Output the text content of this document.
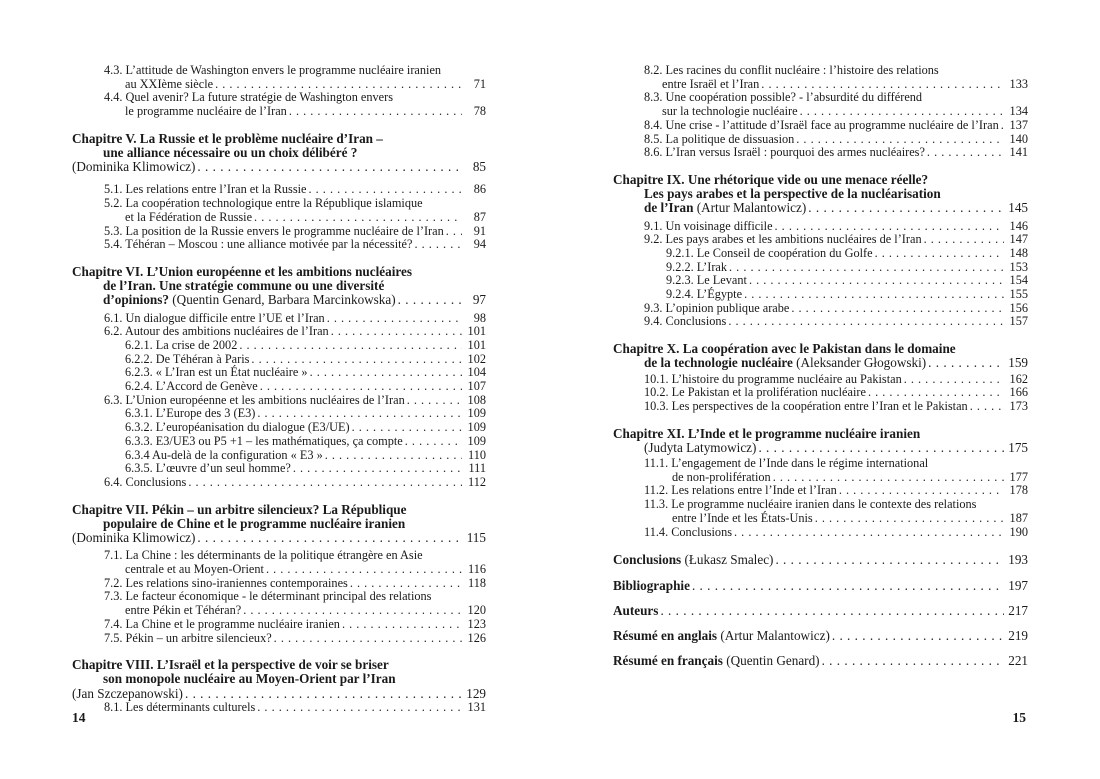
4.3. L’attitude de Washington envers le programme nucléaire iranien
au XXIème siècle . . .	71
4.4. Quel avenir? La future stratégie de Washington envers
le programme nucléaire de l’Iran . . .	78
Chapitre V. La Russie et le problème nucléaire d’Iran –
une alliance nécessaire ou un choix délibéré ?
(Dominika Klimowicz) . . .	85
5.1. Les relations entre l’Iran et la Russie . . .	86
5.2. La coopération technologique entre la République islamique
et la Fédération de Russie . . .	87
5.3. La position de la Russie envers le programme nucléaire de l’Iran . . .	91
5.4. Téhéran – Moscou : une alliance motivée par la nécessité? . . .	94
Chapitre VI. L’Union européenne et les ambitions nucléaires
de l’Iran. Une stratégie commune ou une diversité
d’opinions?
(Quentin Genard, Barbara Marcinkowska) . . .	97
6.1. Un dialogue difficile entre l’UE et l’Iran . . .	98
6.2. Autour des ambitions nucléaires de l’Iran . . .	101
6.2.1. La crise de 2002 . . .	101
6.2.2. De Téhéran à Paris . . .	102
6.2.3. « L’Iran est un État nucléaire » . . .	104
6.2.4. L’Accord de Genève . . .	107
6.3. L’Union européenne et les ambitions nucléaires de l’Iran . . .	108
6.3.1. L’Europe des 3 (E3) . . .	109
6.3.2. L’européanisation du dialogue (E3/UE) . . .	109
6.3.3. E3/UE3 ou P5 +1 – les mathématiques, ça compte . . .	109
6.3.4 Au-delà de la configuration « E3 » . . .	110
6.3.5. L’œuvre d’un seul homme? . . .	111
6.4. Conclusions . . .	112
Chapitre VII. Pékin – un arbitre silencieux? La République
populaire de Chine et le programme nucléaire iranien
(Dominika Klimowicz) . . .	115
7.1. La Chine : les déterminants de la politique étrangère en Asie
centrale et au Moyen-Orient . . .	116
7.2. Les relations sino-iraniennes contemporaines . . .	118
7.3. Le facteur économique - le déterminant principal des relations
entre Pékin et Téhéran? . . .	120
7.4. La Chine et le programme nucléaire iranien . . .	123
7.5. Pékin – un arbitre silencieux? . . .	126
Chapitre VIII. L’Israël et la perspective de voir se briser
son monopole nucléaire au Moyen-Orient par l’Iran
(Jan Szczepanowski) . . .	129
8.1. Les déterminants culturels . . .	131
14
8.2. Les racines du conflit nucléaire : l’histoire des relations
entre Israël et l’Iran . . .	133
8.3. Une coopération possible? - l’absurdité du différend
sur la technologie nucléaire . . .	134
8.4. Une crise - l’attitude d’Israël face au programme nucléaire de l’Iran . . . 137
8.5. La politique de dissuasion . . .	140
8.6. L’Iran versus Israël : pourquoi des armes nucléaires? . . .	141
Chapitre IX. Une rhétorique vide ou une menace réelle?
Les pays arabes et la perspective de la nucléarisation
de l’Iran
(Artur Malantowicz) . . .	145
9.1. Un voisinage difficile . . .	146
9.2. Les pays arabes et les ambitions nucléaires de l’Iran . . .	147
9.2.1. Le Conseil de coopération du Golfe . . .	148
9.2.2. L’Irak . . .	153
9.2.3. Le Levant . . .	154
9.2.4. L’Égypte . . .	155
9.3. L’opinion publique arabe . . .	156
9.4. Conclusions . . .	157
Chapitre X. La coopération avec le Pakistan dans le domaine
de la technologie nucléaire
(Aleksander Głogowski) . . .	159
10.1. L’histoire du programme nucléaire au Pakistan . . .	162
10.2. Le Pakistan et la prolifération nucléaire . . .	166
10.3. Les perspectives de la coopération entre l’Iran et le Pakistan . . .	173
Chapitre XI. L’Inde et le programme nucléaire iranien
(Judyta Latymowicz) . . .	175
11.1. L’engagement de l’Inde dans le régime international
de non-prolifération . . .	177
11.2. Les relations entre l’Inde et l’Iran . . .	178
11.3. Le programme nucléaire iranien dans le contexte des relations
entre l’Inde et les États-Unis . . .	187
11.4. Conclusions . . .	190
Conclusions
(Łukasz Smalec) . . .	193
Bibliographie . . .	197
Auteurs . . .	217
Résumé en anglais
(Artur Malantowicz) . . .	219
Résumé en français
(Quentin Genard) . . .	221
15
